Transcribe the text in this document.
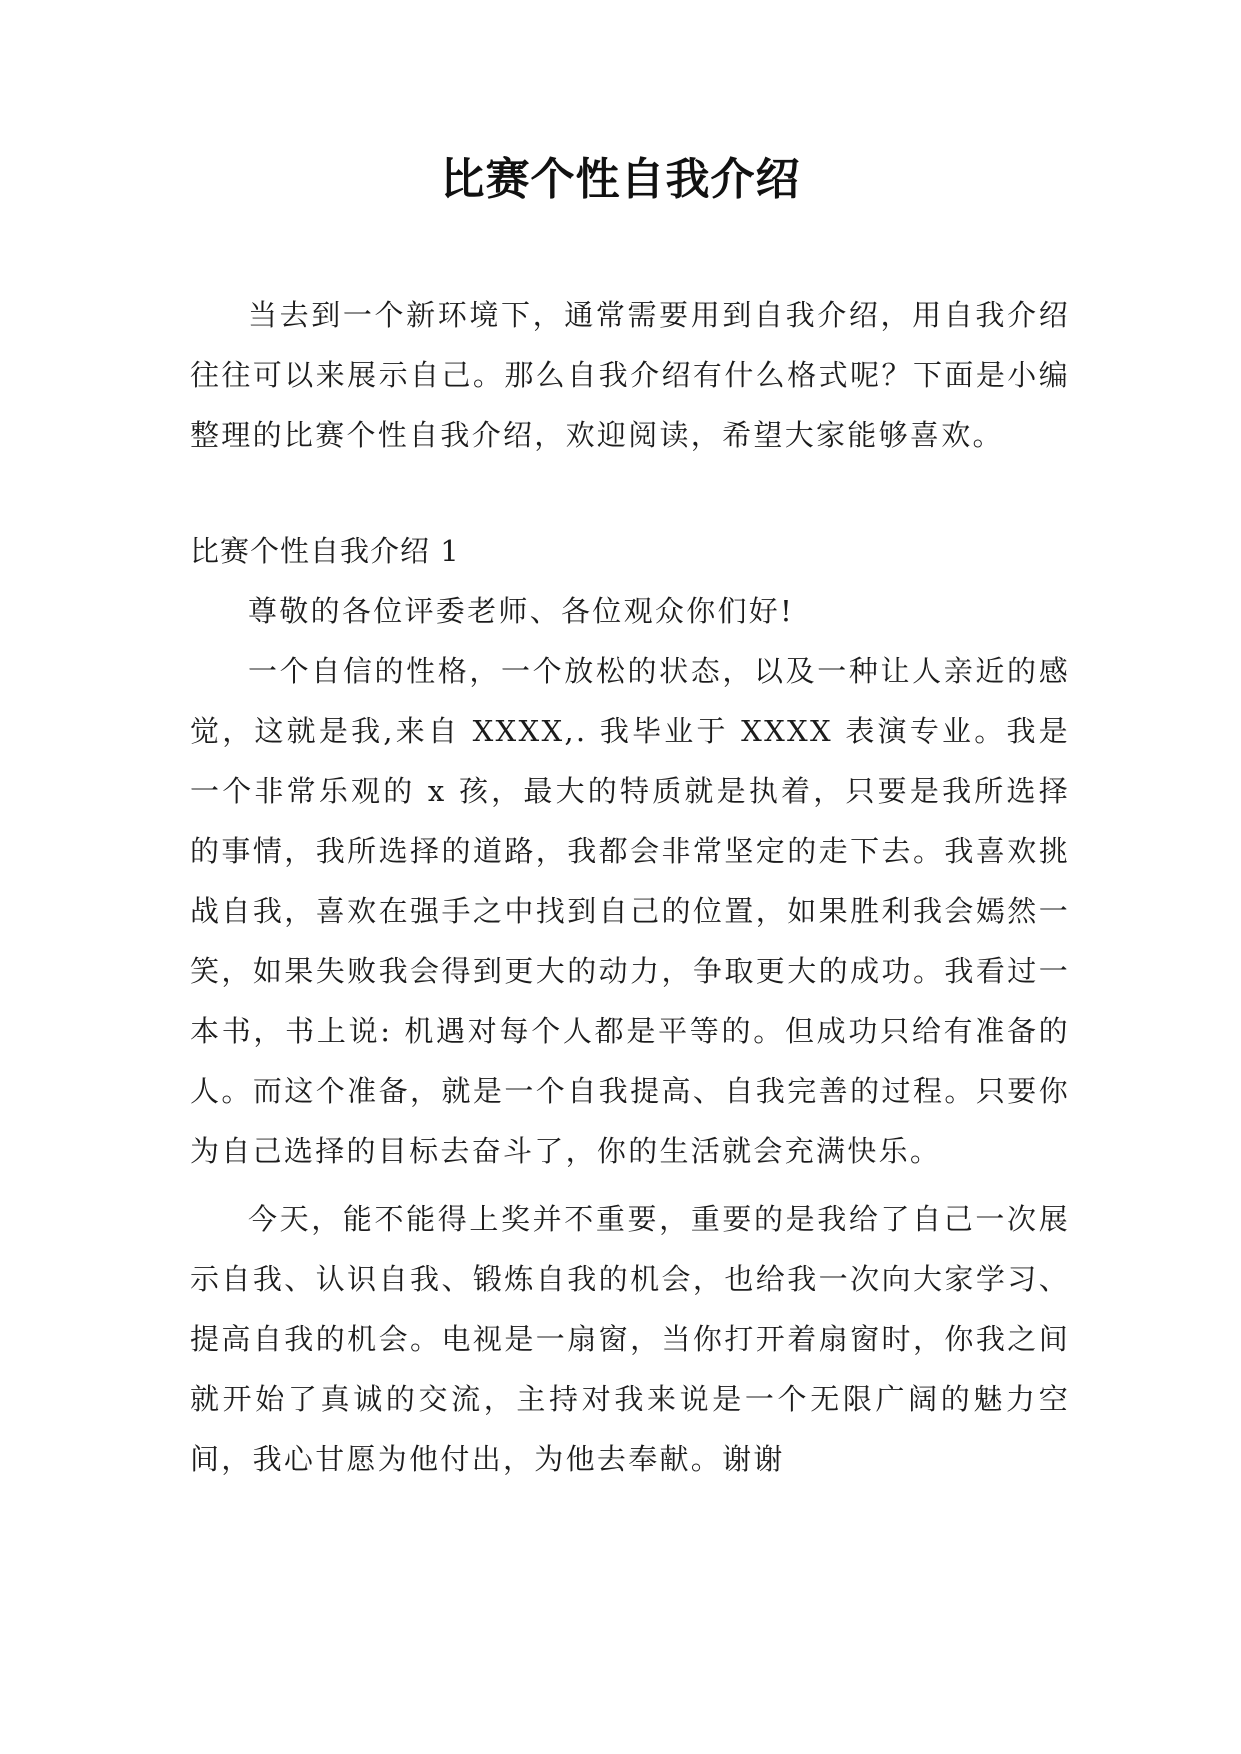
比赛个性自我介绍

当去到一个新环境下，通常需要用到自我介绍，用自我介绍往往可以来展示自己。那么自我介绍有什么格式呢？下面是小编整理的比赛个性自我介绍，欢迎阅读，希望大家能够喜欢。

比赛个性自我介绍 1

尊敬的各位评委老师、各位观众你们好!

一个自信的性格，一个放松的状态，以及一种让人亲近的感觉，这就是我,来自 XXXX,. 我毕业于 XXXX 表演专业。我是一个非常乐观的 x 孩，最大的特质就是执着，只要是我所选择的事情，我所选择的道路，我都会非常坚定的走下去。我喜欢挑战自我，喜欢在强手之中找到自己的位置，如果胜利我会嫣然一笑，如果失败我会得到更大的动力，争取更大的成功。我看过一本书，书上说: 机遇对每个人都是平等的。但成功只给有准备的人。而这个准备，就是一个自我提高、自我完善的过程。只要你为自己选择的目标去奋斗了，你的生活就会充满快乐。

今天，能不能得上奖并不重要，重要的是我给了自己一次展示自我、认识自我、锻炼自我的机会，也给我一次向大家学习、提高自我的机会。电视是一扇窗，当你打开着扇窗时，你我之间就开始了真诚的交流，主持对我来说是一个无限广阔的魅力空间，我心甘愿为他付出，为他去奉献。谢谢
